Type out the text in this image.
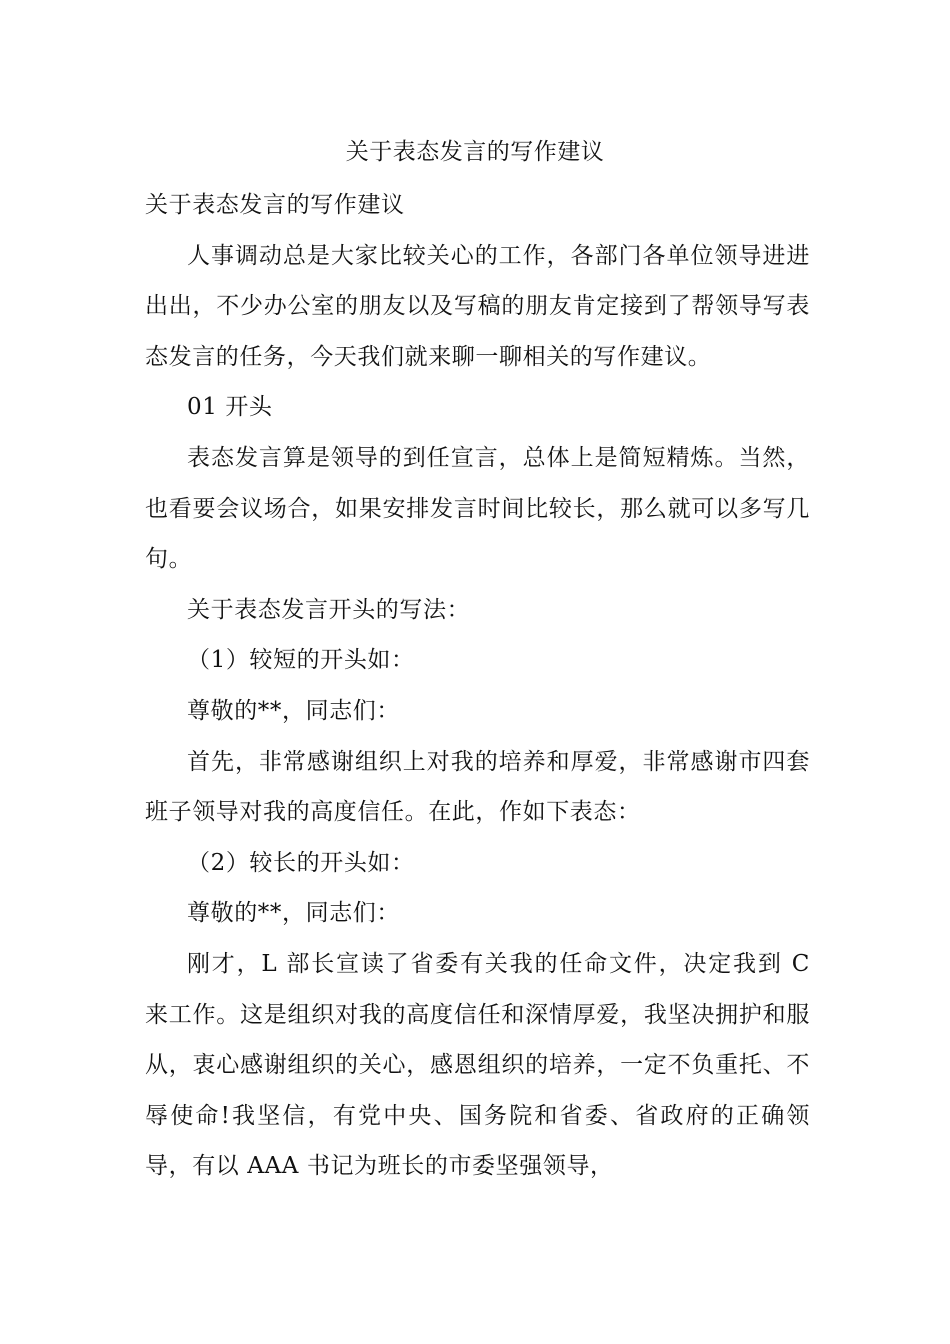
关于表态发言的写作建议

关于表态发言的写作建议

人事调动总是大家比较关心的工作，各部门各单位领导进进出出，不少办公室的朋友以及写稿的朋友肯定接到了帮领导写表态发言的任务，今天我们就来聊一聊相关的写作建议。

01 开头

表态发言算是领导的到任宣言，总体上是简短精炼。当然，也看要会议场合，如果安排发言时间比较长，那么就可以多写几句。

关于表态发言开头的写法：

（1）较短的开头如：

尊敬的**，同志们：

首先，非常感谢组织上对我的培养和厚爱，非常感谢市四套班子领导对我的高度信任。在此，作如下表态：

（2）较长的开头如：

尊敬的**，同志们：

刚才，L 部长宣读了省委有关我的任命文件，决定我到 C 来工作。这是组织对我的高度信任和深情厚爱，我坚决拥护和服从，衷心感谢组织的关心，感恩组织的培养，一定不负重托、不辱使命!我坚信，有党中央、国务院和省委、省政府的正确领导，有以 AAA 书记为班长的市委坚强领导，
